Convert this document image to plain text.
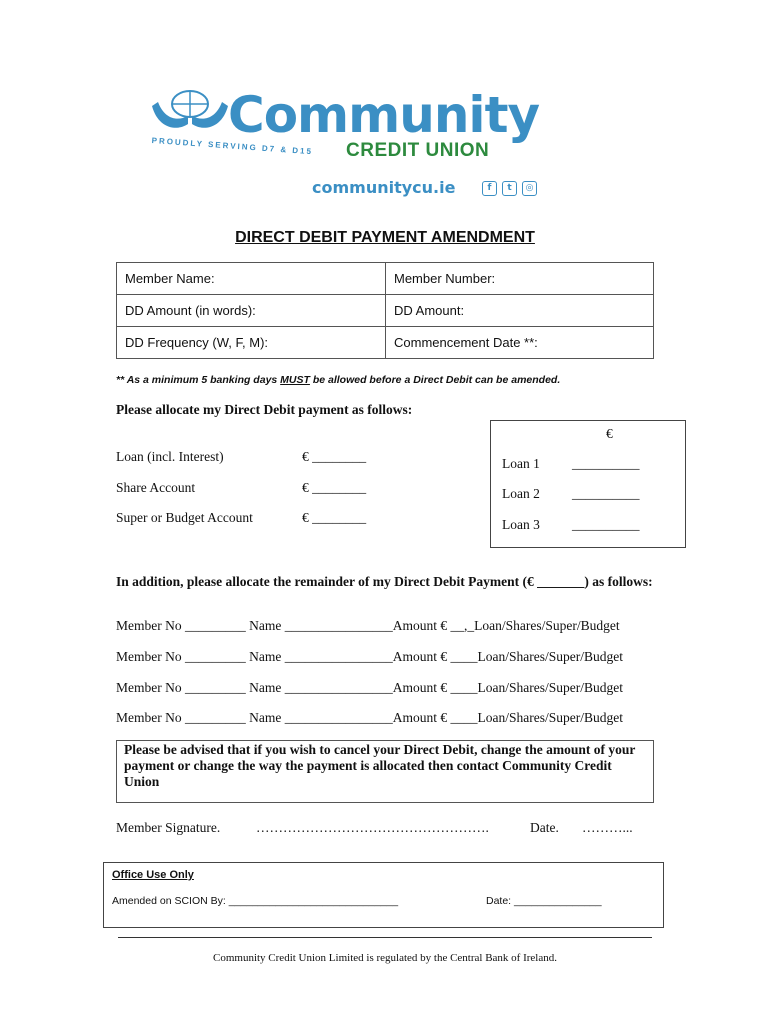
Community
PROUDLY SERVING D7 & D15 CREDIT UNION
communitycu.ie	f	t	◎
DIRECT DEBIT PAYMENT AMENDMENT
Member Name:	Member Number:
DD Amount (in words):	DD Amount:
DD Frequency (W, F, M):	Commencement Date **:
** As a minimum 5 banking days MUST be allowed before a Direct Debit can be amended.
Please allocate my Direct Debit payment as follows:
Loan (incl. Interest)	€ ________
Share Account	€ ________
Super or Budget Account	€ ________
€
Loan 1 __________
Loan 2 __________
Loan 3 __________
In addition, please allocate the remainder of my Direct Debit Payment (€ _______) as follows:
Member No _________ Name ________________Amount € __,_Loan/Shares/Super/Budget
Member No _________ Name ________________Amount € ____Loan/Shares/Super/Budget
Member No _________ Name ________________Amount € ____Loan/Shares/Super/Budget
Member No _________ Name ________________Amount € ____Loan/Shares/Super/Budget
Please be advised that if you wish to cancel your Direct Debit, change the amount of your payment or change the way the payment is allocated then contact Community Credit Union
Member Signature.	…………………………………………….	Date. ………...
Office Use Only
Amended on SCION By: _____________________________	Date: _______________
Community Credit Union Limited is regulated by the Central Bank of Ireland.
